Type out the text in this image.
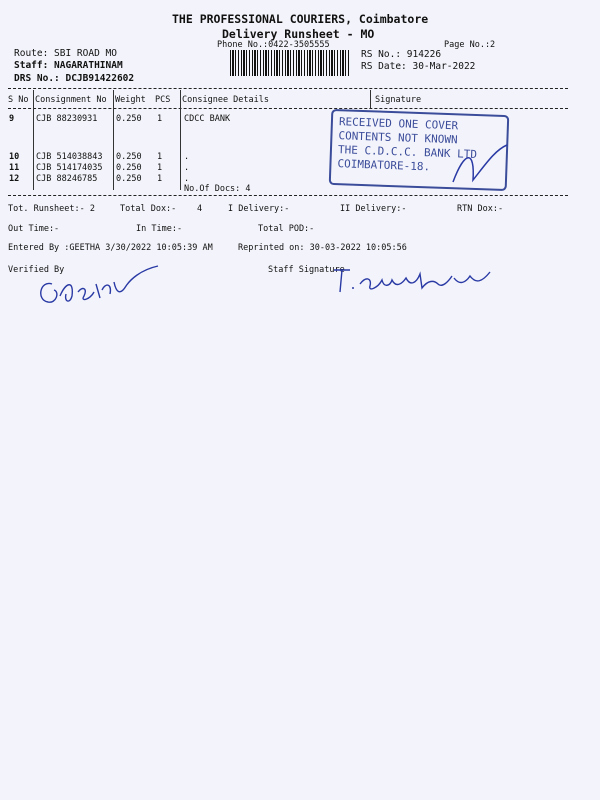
THE PROFESSIONAL COURIERS, Coimbatore
Delivery Runsheet - MO
Phone No.:0422-3505555	Page No.:2
Route: SBI ROAD MO
Staff: NAGARATHINAM
DRS No.: DCJB91422602
RS No.: 914226
RS Date: 30-Mar-2022
S No Consignment No Weight PCS Consignee Details	Signature
9	CJB 88230931 0.250 1	CDCC BANK
10 CJB 514038843 0.250 1	.
11 CJB 514174035 0.250 1	.
12 CJB 88246785 0.250 1	.
No.Of Docs: 4
RECEIVED ONE COVER
CONTENTS NOT KNOWN
THE C.D.C.C. BANK LTD
COIMBATORE-18.
Tot. Runsheet:- 2	Total Dox:- 4	I Delivery:-	II Delivery:-	RTN Dox:-
Out Time:-	In Time:-	Total POD:-
Entered By :GEETHA 3/30/2022 10:05:39 AM	Reprinted on: 30-03-2022 10:05:56
Verified By	Staff Signature
